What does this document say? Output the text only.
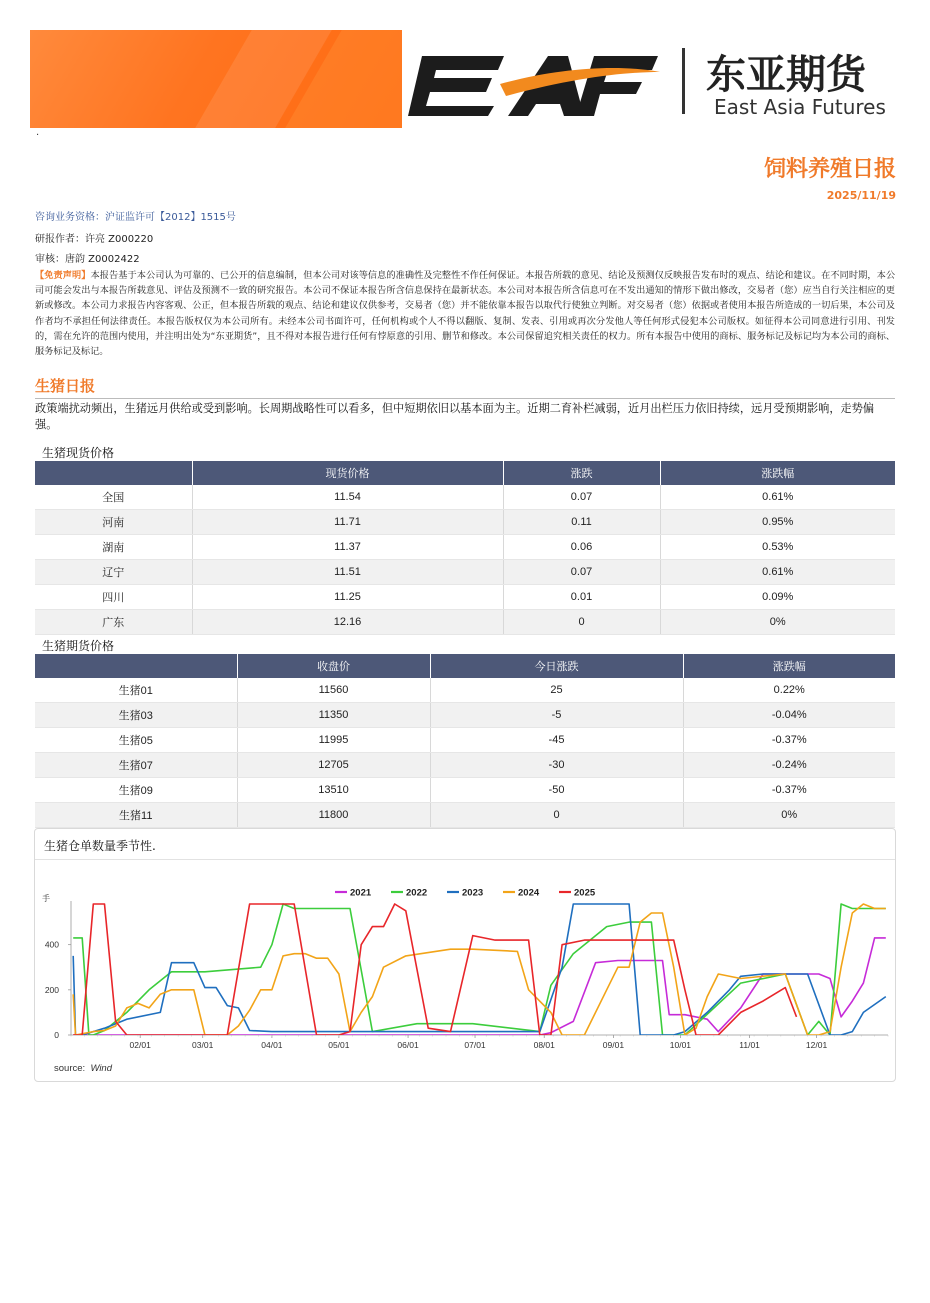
东亚期货
East Asia Futures
·
饲料养殖日报
2025/11/19
咨询业务资格：沪证监许可【2012】1515号
研报作者：许亮 Z000220
审核：唐韵 Z0002422
【免责声明】本报告基于本公司认为可靠的、已公开的信息编制，但本公司对该等信息的准确性及完整性不作任何保证。本报告所载的意见、结论及预测仅反映报告发布时的观点、结论和建议。在不同时期，本公司可能会发出与本报告所载意见、评估及预测不一致的研究报告。本公司不保证本报告所含信息保持在最新状态。本公司对本报告所含信息可在不发出通知的情形下做出修改，交易者（您）应当自行关注相应的更新或修改。本公司力求报告内容客观、公正，但本报告所载的观点、结论和建议仅供参考，交易者（您）并不能依靠本报告以取代行使独立判断。对交易者（您）依据或者使用本报告所造成的一切后果，本公司及作者均不承担任何法律责任。本报告版权仅为本公司所有。未经本公司书面许可，任何机构或个人不得以翻版、复制、发表、引用或再次分发他人等任何形式侵犯本公司版权。如征得本公司同意进行引用、刊发的，需在允许的范围内使用，并注明出处为“东亚期货”，且不得对本报告进行任何有悖原意的引用、删节和修改。本公司保留追究相关责任的权力。所有本报告中使用的商标、服务标记及标记均为本公司的商标、服务标记及标记。
生猪日报
政策端扰动频出，生猪远月供给或受到影响。长周期战略性可以看多，但中短期依旧以基本面为主。近期二育补栏减弱，近月出栏压力依旧持续，远月受预期影响，走势偏强。
生猪现货价格
	现货价格	涨跌	涨跌幅
全国	11.54	0.07	0.61%
河南	11.71	0.11	0.95%
湖南	11.37	0.06	0.53%
辽宁	11.51	0.07	0.61%
四川	11.25	0.01	0.09%
广东	12.16	0	0%
生猪期货价格
	收盘价	今日涨跌	涨跌幅
生猪01	11560	25	0.22%
生猪03	11350	-5	-0.04%
生猪05	11995	-45	-0.37%
生猪07	12705	-30	-0.24%
生猪09	13510	-50	-0.37%
生猪11	11800	0	0%
生猪仓单数量季节性.
2021	2022	2023	2024	2025
手
0
200
400
02/01	03/01	04/01	05/01	06/01	07/01	08/01	09/01	10/01	11/01	12/01
source: Wind
